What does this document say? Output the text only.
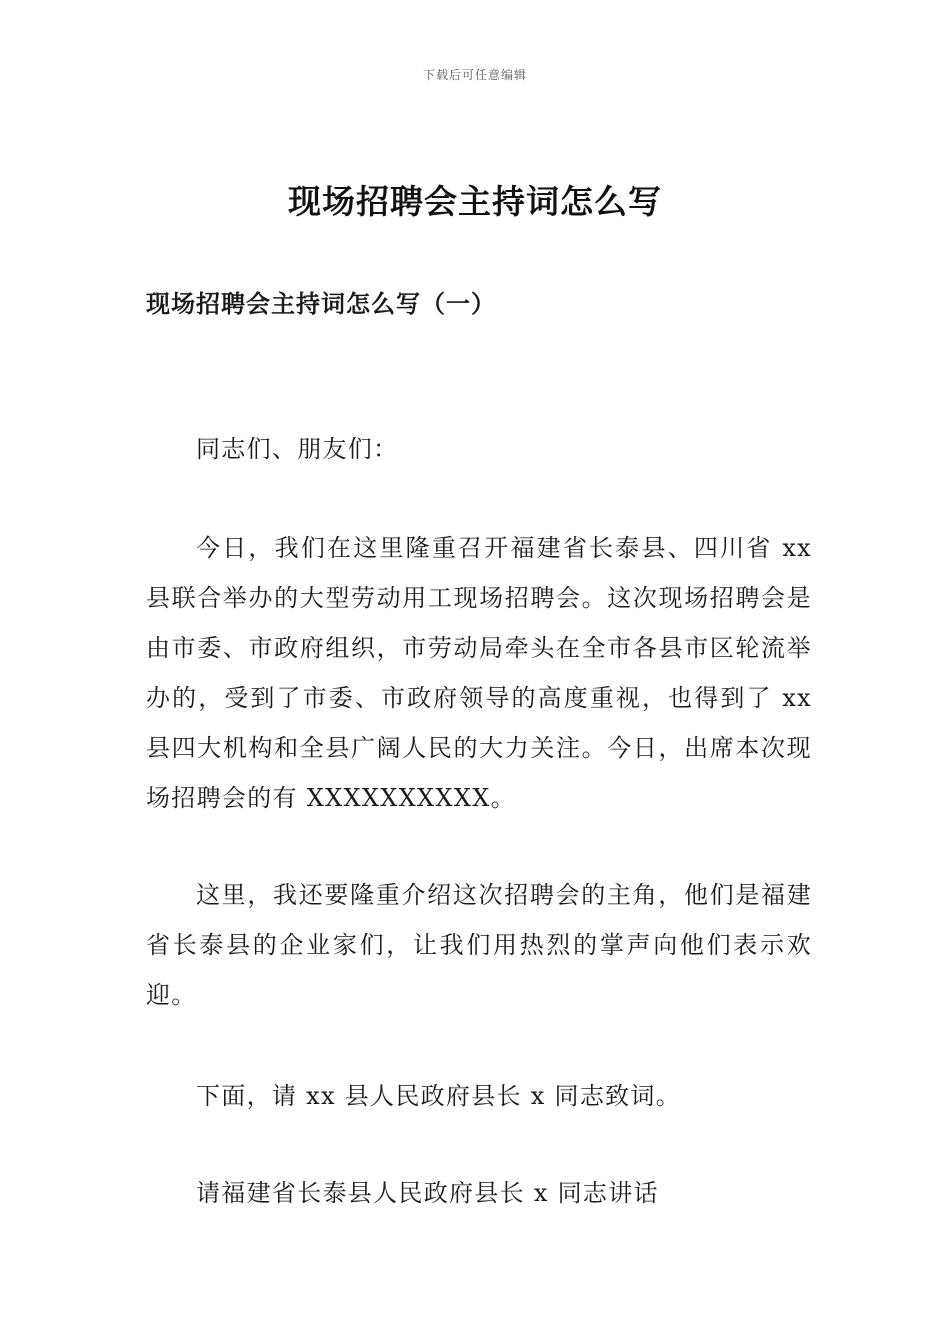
下载后可任意编辑
现场招聘会主持词怎么写
现场招聘会主持词怎么写（一）

同志们、朋友们：

今日，我们在这里隆重召开福建省长泰县、四川省 xx 县联合举办的大型劳动用工现场招聘会。这次现场招聘会是由市委、市政府组织，市劳动局牵头在全市各县市区轮流举办的，受到了市委、市政府领导的高度重视，也得到了 xx 县四大机构和全县广阔人民的大力关注。今日，出席本次现场招聘会的有 XXXXXXXXXX。

这里，我还要隆重介绍这次招聘会的主角，他们是福建省长泰县的企业家们，让我们用热烈的掌声向他们表示欢迎。

下面，请 xx 县人民政府县长 x 同志致词。

请福建省长泰县人民政府县长 x 同志讲话
